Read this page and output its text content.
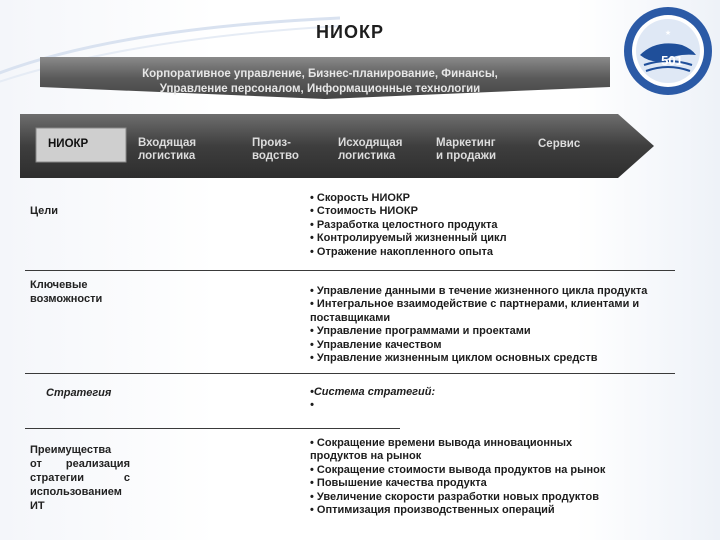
★
501
НИОКР
Корпоративное управление, Бизнес-планирование, Финансы,
Управление персоналом, Информационные технологии
НИОКР	Входящая
логистика
Произ-
водство
Исходящая
логистика
Маркетинг
и продажи
Сервис
Цели
• Скорость НИОКР
• Стоимость НИОКР
• Разработка целостного продукта
• Контролируемый жизненный цикл
• Отражение накопленного опыта
Ключевые
возможности
• Управление данными в течение жизненного цикла продукта
• Интегральное взаимодействие с партнерами, клиентами и поставщиками
• Управление программами и проектами
• Управление качеством
• Управление жизненным циклом основных средств
Стратегия	•Система стратегий:
•
Преимущества
от реализация
стратегии с
использованием
ИТ
• Сокращение времени вывода инновационных продуктов на рынок
• Сокращение стоимости вывода продуктов на рынок
• Повышение качества продукта
• Увеличение скорости разработки новых продуктов
• Оптимизация производственных операций
